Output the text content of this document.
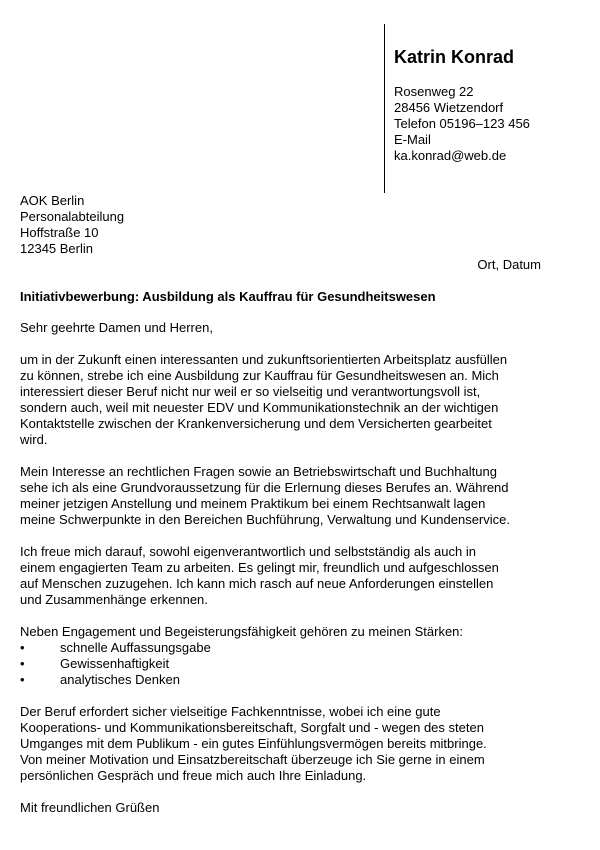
Katrin Konrad
Rosenweg 22
28456 Wietzendorf
Telefon 05196–123 456
E-Mail
ka.konrad@web.de
AOK Berlin
Personalabteilung
Hoffstraße 10
12345 Berlin
Ort, Datum
Initiativbewerbung: Ausbildung als Kauffrau für Gesundheitswesen
Sehr geehrte Damen und Herren,
um in der Zukunft einen interessanten und zukunftsorientierten Arbeitsplatz ausfüllen
zu können, strebe ich eine Ausbildung zur Kauffrau für Gesundheitswesen an. Mich
interessiert dieser Beruf nicht nur weil er so vielseitig und verantwortungsvoll ist,
sondern auch, weil mit neuester EDV und Kommunikationstechnik an der wichtigen
Kontaktstelle zwischen der Krankenversicherung und dem Versicherten gearbeitet
wird.
Mein Interesse an rechtlichen Fragen sowie an Betriebswirtschaft und Buchhaltung
sehe ich als eine Grundvoraussetzung für die Erlernung dieses Berufes an. Während
meiner jetzigen Anstellung und meinem Praktikum bei einem Rechtsanwalt lagen
meine Schwerpunkte in den Bereichen Buchführung, Verwaltung und Kundenservice.
Ich freue mich darauf, sowohl eigenverantwortlich und selbstständig als auch in
einem engagierten Team zu arbeiten. Es gelingt mir, freundlich und aufgeschlossen
auf Menschen zuzugehen. Ich kann mich rasch auf neue Anforderungen einstellen
und Zusammenhänge erkennen.
Neben Engagement und Begeisterungsfähigkeit gehören zu meinen Stärken:
•	schnelle Auffassungsgabe
•	Gewissenhaftigkeit
•	analytisches Denken
Der Beruf erfordert sicher vielseitige Fachkenntnisse, wobei ich eine gute
Kooperations- und Kommunikationsbereitschaft, Sorgfalt und - wegen des steten
Umganges mit dem Publikum - ein gutes Einfühlungsvermögen bereits mitbringe.
Von meiner Motivation und Einsatzbereitschaft überzeuge ich Sie gerne in einem
persönlichen Gespräch und freue mich auch Ihre Einladung.
Mit freundlichen Grüßen
